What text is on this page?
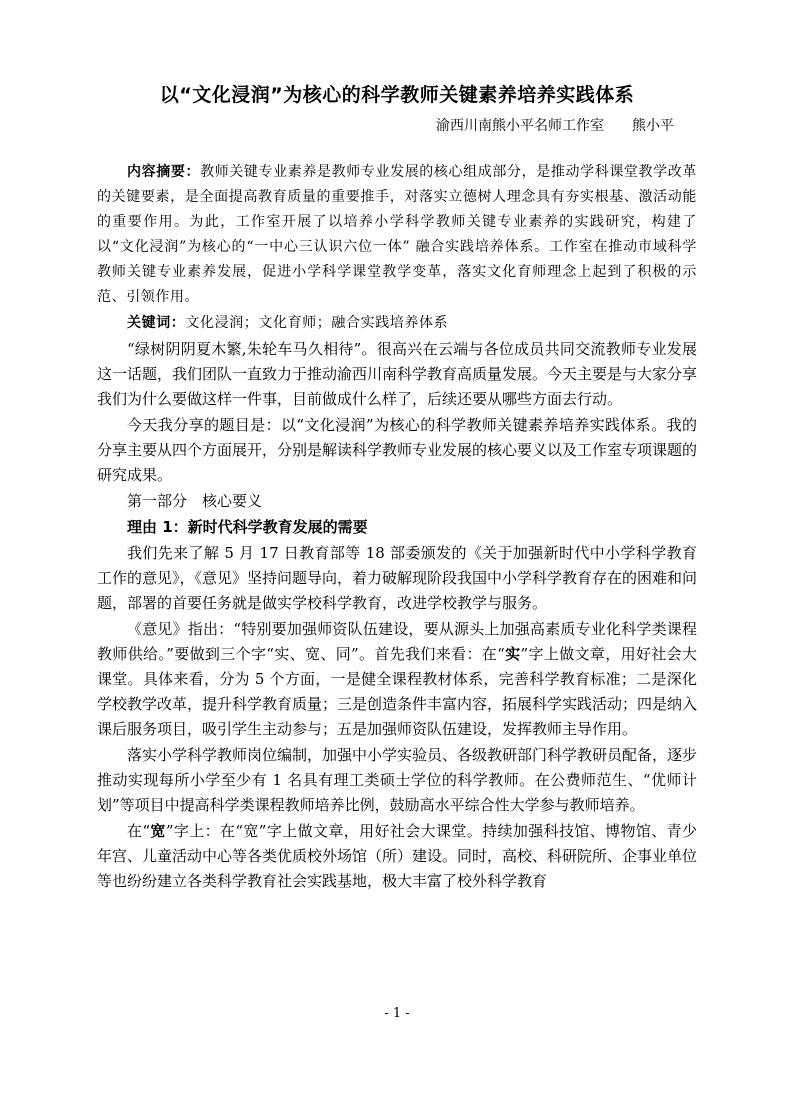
以“文化浸润”为核心的科学教师关键素养培养实践体系
渝西川南熊小平名师工作室 熊小平

内容摘要：教师关键专业素养是教师专业发展的核心组成部分，是推动学科课堂教学改革的关键要素，是全面提高教育质量的重要推手，对落实立德树人理念具有夯实根基、激活动能的重要作用。为此，工作室开展了以培养小学科学教师关键专业素养的实践研究，构建了以“文化浸润”为核心的“一中心三认识六位一体” 融合实践培养体系。工作室在推动市域科学教师关键专业素养发展，促进小学科学课堂教学变革，落实文化育师理念上起到了积极的示范、引领作用。

关键词：文化浸润；文化育师；融合实践培养体系

“绿树阴阴夏木繁,朱轮车马久相待”。很高兴在云端与各位成员共同交流教师专业发展这一话题，我们团队一直致力于推动渝西川南科学教育高质量发展。今天主要是与大家分享我们为什么要做这样一件事，目前做成什么样了，后续还要从哪些方面去行动。

今天我分享的题目是：以“文化浸润”为核心的科学教师关键素养培养实践体系。我的分享主要从四个方面展开，分别是解读科学教师专业发展的核心要义以及工作室专项课题的研究成果。

第一部分　核心要义

理由 1：新时代科学教育发展的需要

我们先来了解 5 月 17 日教育部等 18 部委颁发的《关于加强新时代中小学科学教育工作的意见》，《意见》坚持问题导向，着力破解现阶段我国中小学科学教育存在的困难和问题，部署的首要任务就是做实学校科学教育，改进学校教学与服务。

《意见》指出：“特别要加强师资队伍建设，要从源头上加强高素质专业化科学类课程教师供给。”要做到三个字“实、宽、同”。首先我们来看：在“实”字上做文章，用好社会大课堂。具体来看，分为 5 个方面，一是健全课程教材体系，完善科学教育标准；二是深化学校教学改革，提升科学教育质量；三是创造条件丰富内容，拓展科学实践活动；四是纳入课后服务项目，吸引学生主动参与；五是加强师资队伍建设，发挥教师主导作用。

落实小学科学教师岗位编制，加强中小学实验员、各级教研部门科学教研员配备，逐步推动实现每所小学至少有 1 名具有理工类硕士学位的科学教师。在公费师范生、“优师计划”等项目中提高科学类课程教师培养比例，鼓励高水平综合性大学参与教师培养。

在“宽”字上：在“宽”字上做文章，用好社会大课堂。持续加强科技馆、博物馆、青少年宫、儿童活动中心等各类优质校外场馆（所）建设。同时，高校、科研院所、企事业单位等也纷纷建立各类科学教育社会实践基地，极大丰富了校外科学教育

- 1 -
